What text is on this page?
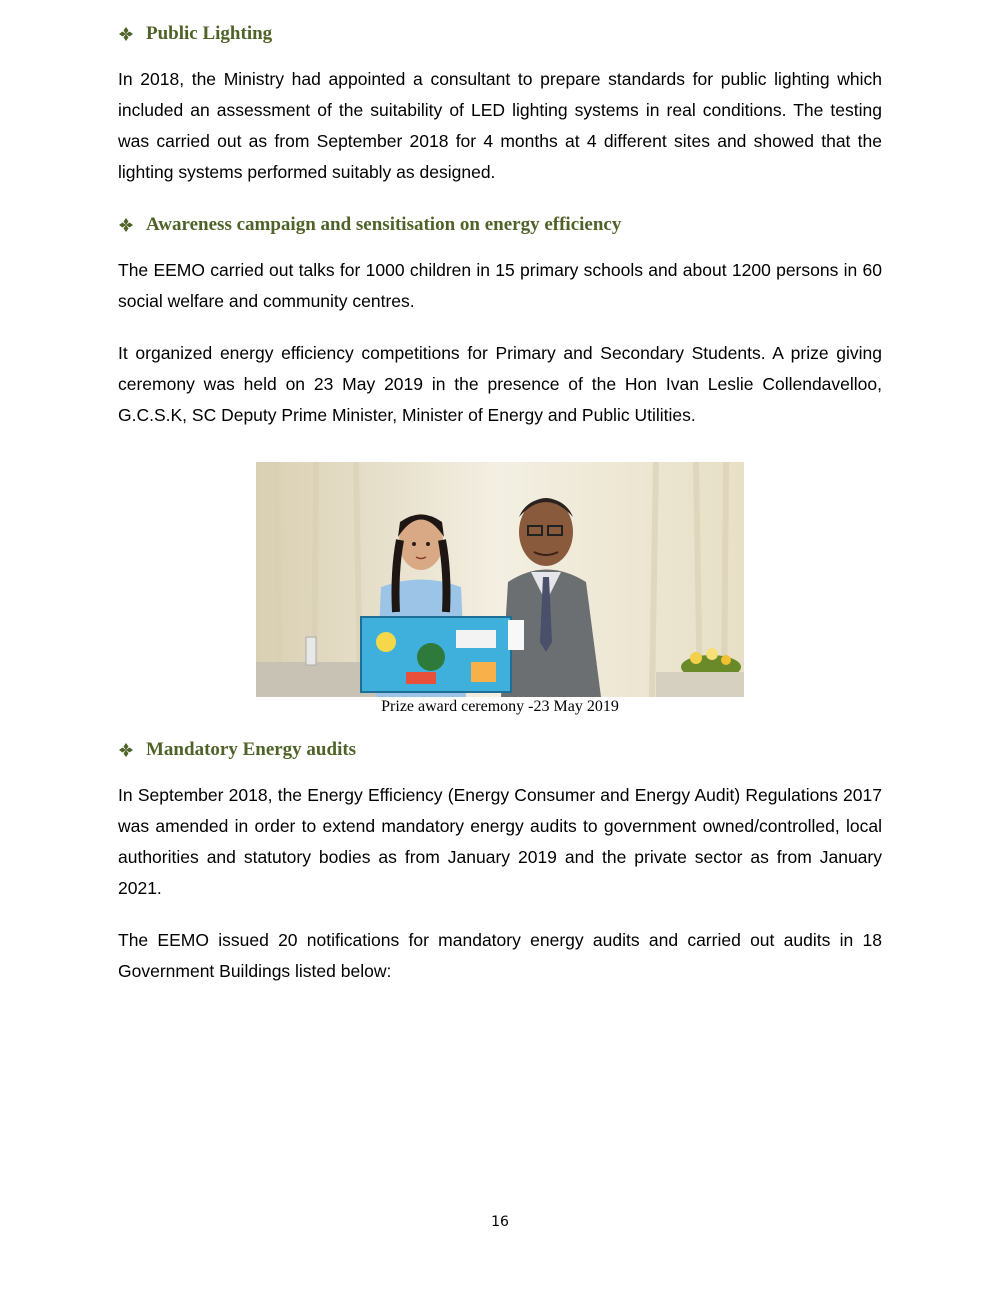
Public Lighting

In 2018, the Ministry had appointed a consultant to prepare standards for public lighting which included an assessment of the suitability of LED lighting systems in real conditions. The testing was carried out as from September 2018 for 4 months at 4 different sites and showed that the lighting systems performed suitably as designed.

Awareness campaign and sensitisation on energy efficiency

The EEMO carried out talks for 1000 children in 15 primary schools and about 1200 persons in 60 social welfare and community centres.

It organized energy efficiency competitions for Primary and Secondary Students. A prize giving ceremony was held on 23 May 2019 in the presence of the Hon Ivan Leslie Collendavelloo, G.C.S.K, SC Deputy Prime Minister, Minister of Energy and Public Utilities.

Prize award ceremony -23 May 2019
Mandatory Energy audits

In September 2018, the Energy Efficiency (Energy Consumer and Energy Audit) Regulations 2017 was amended in order to extend mandatory energy audits to government owned/controlled, local authorities and statutory bodies as from January 2019 and the private sector as from January 2021.

The EEMO issued 20 notifications for mandatory energy audits and carried out audits in 18 Government Buildings listed below:

16
